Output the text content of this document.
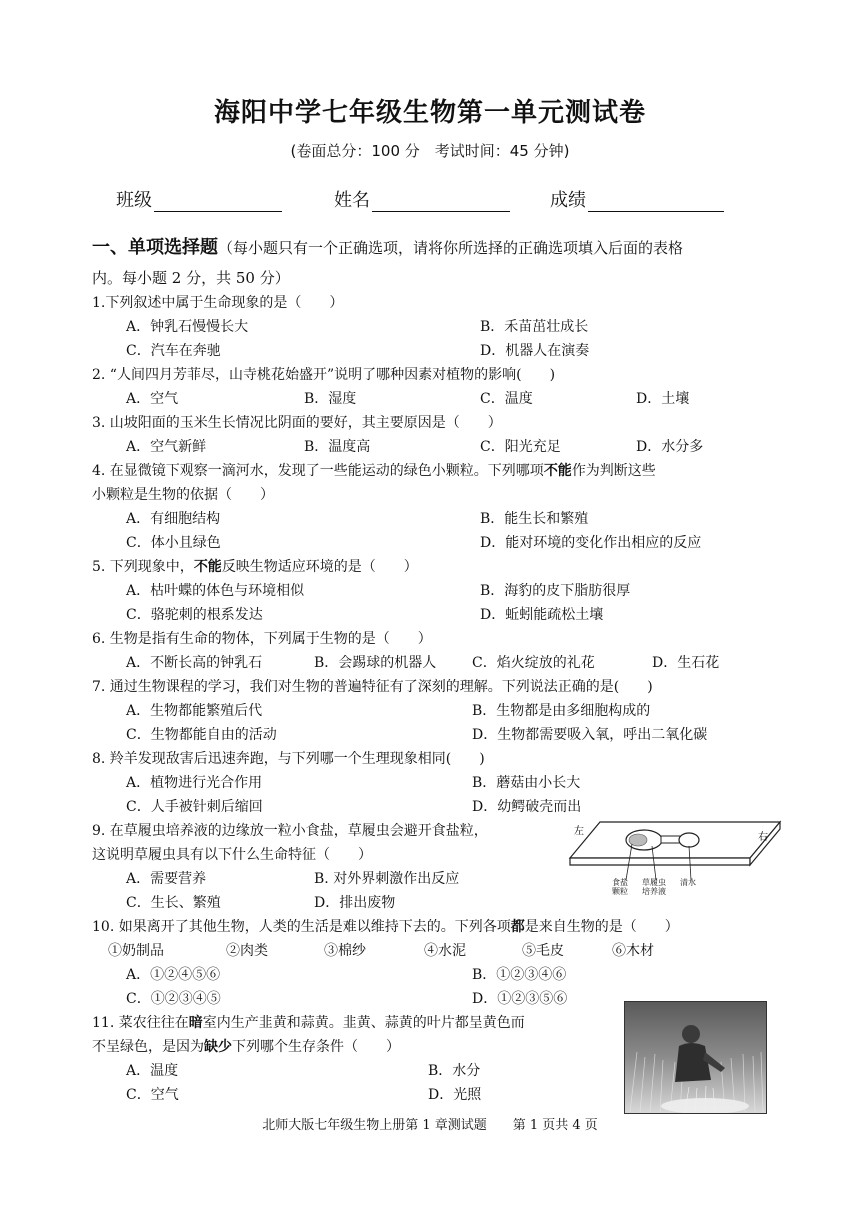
海阳中学七年级生物第一单元测试卷
(卷面总分：100 分　考试时间：45 分钟)
班级	姓名	成绩
一、单项选择题（每小题只有一个正确选项，请将你所选择的正确选项填入后面的表格
内。每小题 2 分，共 50 分）
1.下列叙述中属于生命现象的是（　　）
A．钟乳石慢慢长大	B．禾苗茁壮成长
C．汽车在奔驰	D．机器人在演奏
2. “人间四月芳菲尽，山寺桃花始盛开”说明了哪种因素对植物的影响(　　)
A．空气	B．湿度	C．温度	D．土壤
3. 山坡阳面的玉米生长情况比阴面的要好，其主要原因是（　　）
A．空气新鲜	B．温度高	C．阳光充足	D．水分多
4. 在显微镜下观察一滴河水，发现了一些能运动的绿色小颗粒。下列哪项不能作为判断这些
小颗粒是生物的依据（　　）
A．有细胞结构	B．能生长和繁殖
C．体小且绿色	D．能对环境的变化作出相应的反应
5. 下列现象中，不能反映生物适应环境的是（　　）
A．枯叶蝶的体色与环境相似	B．海豹的皮下脂肪很厚
C．骆驼刺的根系发达	D．蚯蚓能疏松土壤
6. 生物是指有生命的物体，下列属于生物的是（　　）
A．不断长高的钟乳石	B．会踢球的机器人	C．焰火绽放的礼花	D．生石花
7. 通过生物课程的学习，我们对生物的普遍特征有了深刻的理解。下列说法正确的是(　　)
A．生物都能繁殖后代	B．生物都是由多细胞构成的
C．生物都能自由的活动	D．生物都需要吸入氧，呼出二氧化碳
8. 羚羊发现敌害后迅速奔跑，与下列哪一个生理现象相同(　　)
A．植物进行光合作用	B．蘑菇由小长大
C．人手被针刺后缩回	D．幼鳄破壳而出
9. 在草履虫培养液的边缘放一粒小食盐，草履虫会避开食盐粒，
这说明草履虫具有以下什么生命特征（　　）
A．需要营养	B. 对外界刺激作出反应
C．生长、繁殖	D．排出废物
10. 如果离开了其他生物，人类的生活是难以维持下去的。下列各项都是来自生物的是（　　）
①奶制品	②肉类	③棉纱	④水泥	⑤毛皮	⑥木材
A．①②④⑤⑥	B．①②③④⑥
C．①②③④⑤	D．①②③⑤⑥
11. 菜农往往在暗室内生产韭黄和蒜黄。韭黄、蒜黄的叶片都呈黄色而
不呈绿色，是因为缺少下列哪个生存条件（　　）
A．温度	B．水分
C．空气	D．光照
左
右
食盐
颗粒
草履虫
培养液
清水
北师大版七年级生物上册第 1 章测试题　　第 1 页共 4 页
